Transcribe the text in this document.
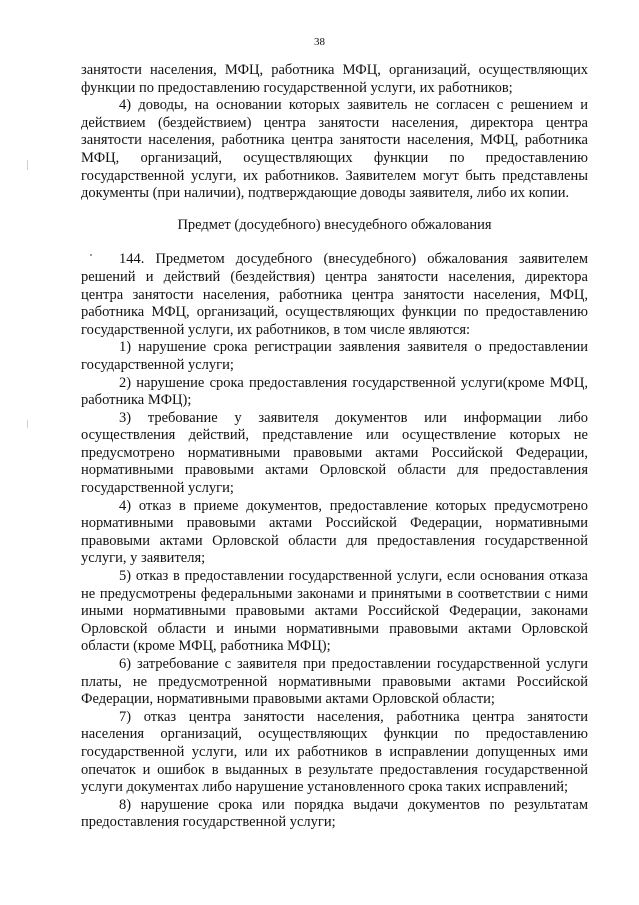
38

занятости населения, МФЦ, работника МФЦ, организаций, осуществляющих функции по предоставлению государственной услуги, их работников;

4) доводы, на основании которых заявитель не согласен с решением и действием (бездействием) центра занятости населения, директора центра занятости населения, работника центра занятости населения, МФЦ, работника МФЦ, организаций, осуществляющих функции по предоставлению государственной услуги, их работников. Заявителем могут быть представлены документы (при наличии), подтверждающие доводы заявителя, либо их копии.

Предмет (досудебного) внесудебного обжалования

144. Предметом досудебного (внесудебного) обжалования заявителем решений и действий (бездействия) центра занятости населения, директора центра занятости населения, работника центра занятости населения, МФЦ, работника МФЦ, организаций, осуществляющих функции по предоставлению государственной услуги, их работников, в том числе являются:

1) нарушение срока регистрации заявления заявителя о предоставлении государственной услуги;

2) нарушение срока предоставления государственной услуги(кроме МФЦ, работника МФЦ);

3) требование у заявителя документов или информации либо осуществления действий, представление или осуществление которых не предусмотрено нормативными правовыми актами Российской Федерации, нормативными правовыми актами Орловской области для предоставления государственной услуги;

4) отказ в приеме документов, предоставление которых предусмотрено нормативными правовыми актами Российской Федерации, нормативными правовыми актами Орловской области для предоставления государственной услуги, у заявителя;

5) отказ в предоставлении государственной услуги, если основания отказа не предусмотрены федеральными законами и принятыми в соответствии с ними иными нормативными правовыми актами Российской Федерации, законами Орловской области и иными нормативными правовыми актами Орловской области (кроме МФЦ, работника МФЦ);

6) затребование с заявителя при предоставлении государственной услуги платы, не предусмотренной нормативными правовыми актами Российской Федерации, нормативными правовыми актами Орловской области;

7) отказ центра занятости населения, работника центра занятости населения организаций, осуществляющих функции по предоставлению государственной услуги, или их работников в исправлении допущенных ими опечаток и ошибок в выданных в результате предоставления государственной услуги документах либо нарушение установленного срока таких исправлений;

8) нарушение срока или порядка выдачи документов по результатам предоставления государственной услуги;
